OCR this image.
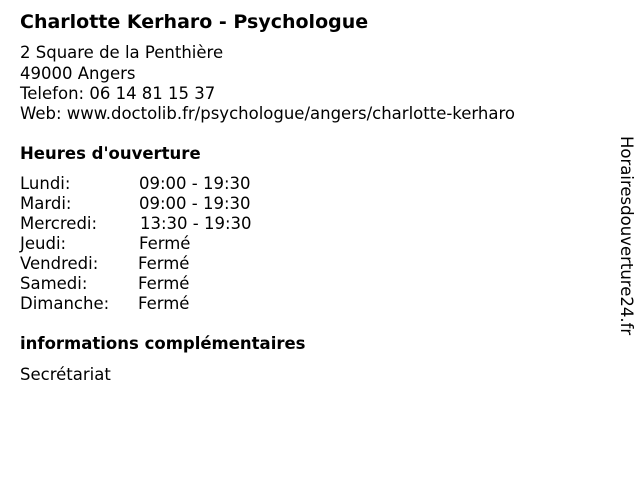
Charlotte Kerharo - Psychologue
2 Square de la Penthière
49000 Angers
Telefon: 06 14 81 15 37
Web: www.doctolib.fr/psychologue/angers/charlotte-kerharo
Heures d'ouverture
Lundi:	09:00 - 19:30
Mardi:	09:00 - 19:30
Mercredi:	13:30 - 19:30
Jeudi:	Fermé
Vendredi: Fermé
Samedi:	Fermé
Dimanche: Fermé
informations complémentaires
Secrétariat
Horairesdouverture24.fr
